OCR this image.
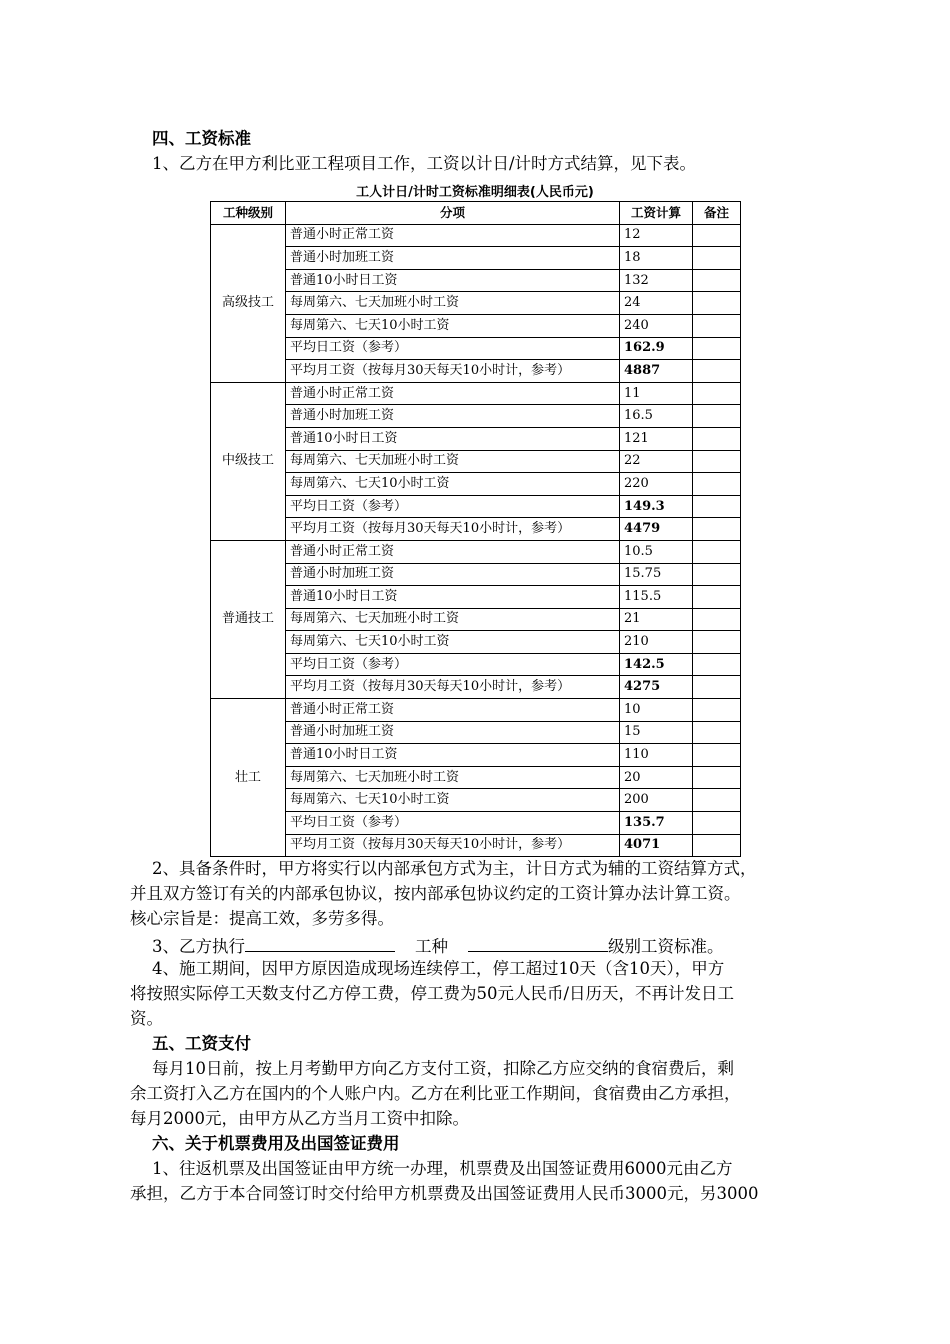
四、工资标准
1、乙方在甲方利比亚工程项目工作，工资以计日/计时方式结算，见下表。
工人计日/计时工资标准明细表(人民币元)
工种级别	分项	工资计算	备注
高级技工	普通小时正常工资	12	
	普通小时加班工资	18	
	普通10小时日工资	132	
	每周第六、七天加班小时工资	24	
	每周第六、七天10小时工资	240	
	平均日工资（参考）	162.9	
	平均月工资（按每月30天每天10小时计，参考）	4887	
中级技工	普通小时正常工资	11	
	普通小时加班工资	16.5	
	普通10小时日工资	121	
	每周第六、七天加班小时工资	22	
	每周第六、七天10小时工资	220	
	平均日工资（参考）	149.3	
	平均月工资（按每月30天每天10小时计，参考）	4479	
普通技工	普通小时正常工资	10.5	
	普通小时加班工资	15.75	
	普通10小时日工资	115.5	
	每周第六、七天加班小时工资	21	
	每周第六、七天10小时工资	210	
	平均日工资（参考）	142.5	
	平均月工资（按每月30天每天10小时计，参考）	4275	
壮工	普通小时正常工资	10	
	普通小时加班工资	15	
	普通10小时日工资	110	
	每周第六、七天加班小时工资	20	
	每周第六、七天10小时工资	200	
	平均日工资（参考）	135.7	
	平均月工资（按每月30天每天10小时计，参考）	4071	
2、具备条件时，甲方将实行以内部承包方式为主，计日方式为辅的工资结算方式，
并且双方签订有关的内部承包协议，按内部承包协议约定的工资计算办法计算工资。
核心宗旨是：提高工效，多劳多得。
3、乙方执行	工种	级别工资标准。
4、施工期间，因甲方原因造成现场连续停工，停工超过10天（含10天），甲方
将按照实际停工天数支付乙方停工费，停工费为50元人民币/日历天，不再计发日工
资。
五、工资支付
每月10日前，按上月考勤甲方向乙方支付工资，扣除乙方应交纳的食宿费后，剩
余工资打入乙方在国内的个人账户内。乙方在利比亚工作期间，食宿费由乙方承担，
每月2000元，由甲方从乙方当月工资中扣除。
六、关于机票费用及出国签证费用
1、往返机票及出国签证由甲方统一办理，机票费及出国签证费用6000元由乙方
承担，乙方于本合同签订时交付给甲方机票费及出国签证费用人民币3000元，另3000
